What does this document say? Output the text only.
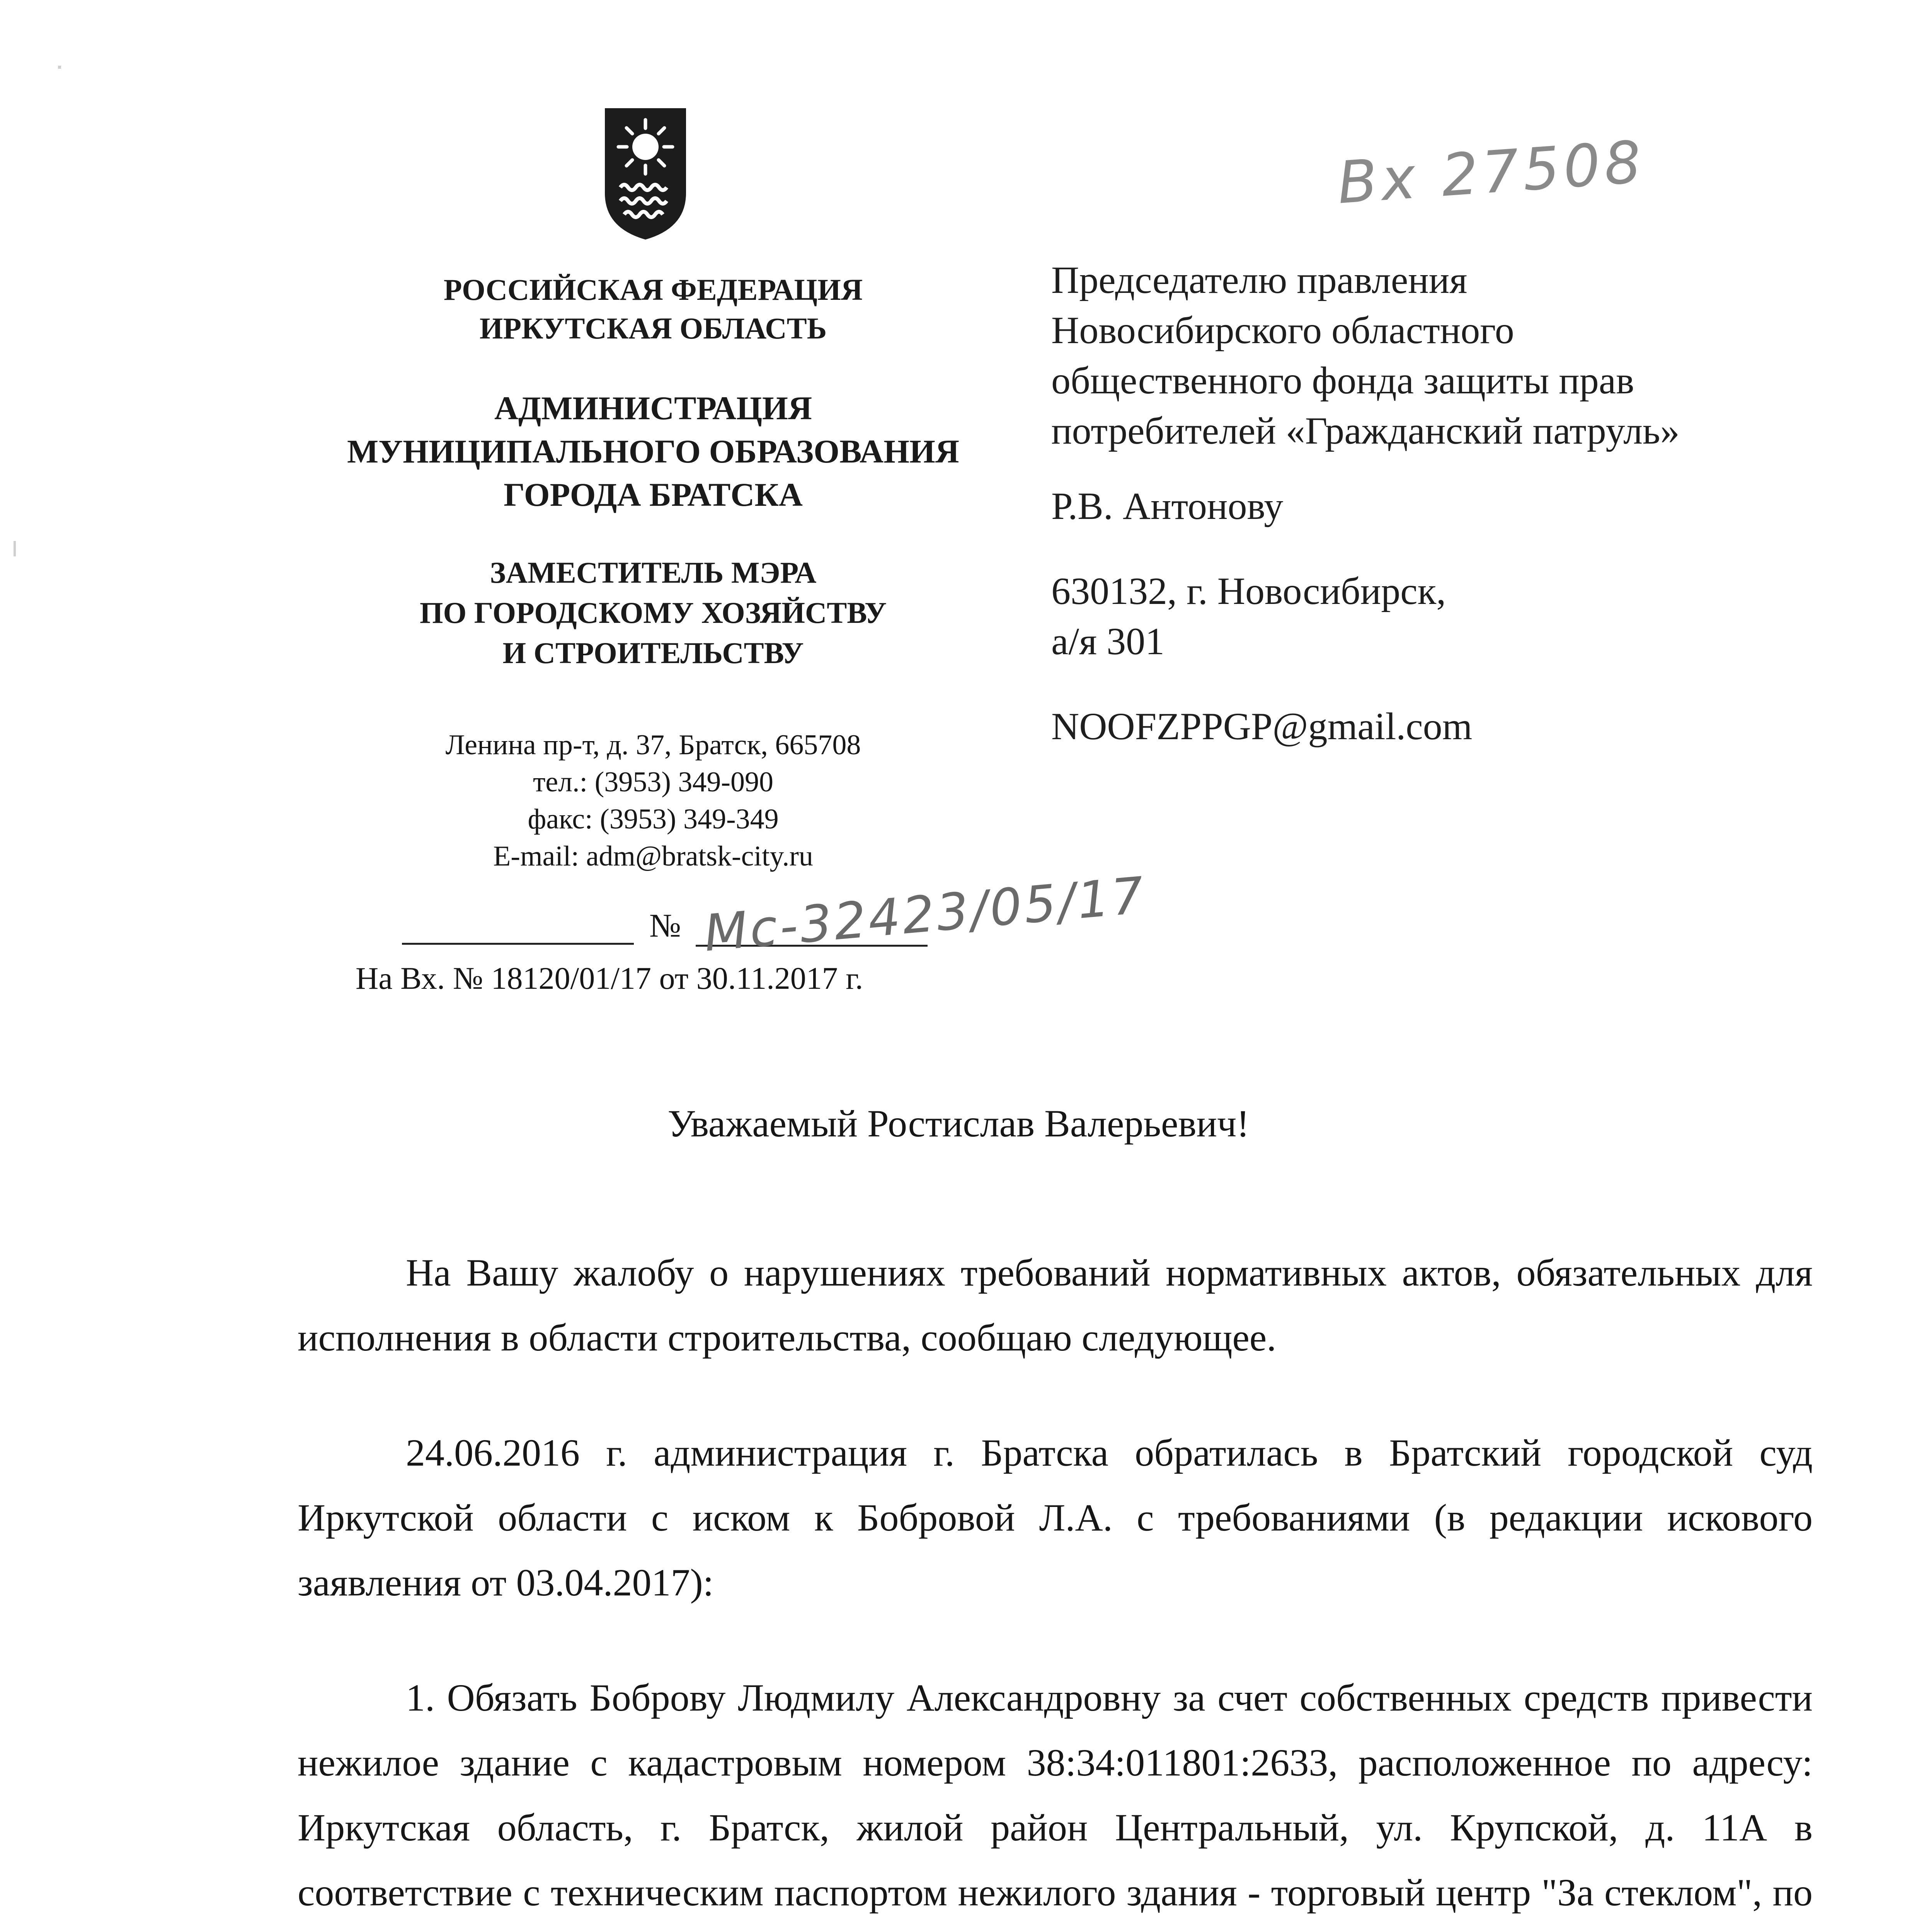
РОССИЙСКАЯ ФЕДЕРАЦИЯ
ИРКУТСКАЯ ОБЛАСТЬ
АДМИНИСТРАЦИЯ
МУНИЦИПАЛЬНОГО ОБРАЗОВАНИЯ
ГОРОДА БРАТСКА
ЗАМЕСТИТЕЛЬ МЭРА
ПО ГОРОДСКОМУ ХОЗЯЙСТВУ
И СТРОИТЕЛЬСТВУ
Ленина пр-т, д. 37, Братск, 665708
тел.: (3953) 349-090
факс: (3953) 349-349
E-mail: adm@bratsk-city.ru
Вх 27508
Председателю правления
Новосибирского областного
общественного фонда защиты прав
потребителей «Гражданский патруль»
Р.В. Антонову
630132, г. Новосибирск,
а/я 301
NOOFZPPGP@gmail.com
№ Мс-32423/05/17
На Вх. № 18120/01/17 от 30.11.2017 г.
Уважаемый Ростислав Валерьевич!

На Вашу жалобу о нарушениях требований нормативных актов, обязательных для исполнения в области строительства, сообщаю следующее.

24.06.2016 г. администрация г. Братска обратилась в Братский городской суд Иркутской области с иском к Бобровой Л.А. с требованиями (в редакции искового заявления от 03.04.2017):

1. Обязать Боброву Людмилу Александровну за счет собственных средств привести нежилое здание с кадастровым номером 38:34:011801:2633, расположенное по адресу: Иркутская область, г. Братск, жилой район Центральный, ул. Крупской, д. 11А в соответствие с техническим паспортом нежилого здания - торговый центр "За стеклом", по
